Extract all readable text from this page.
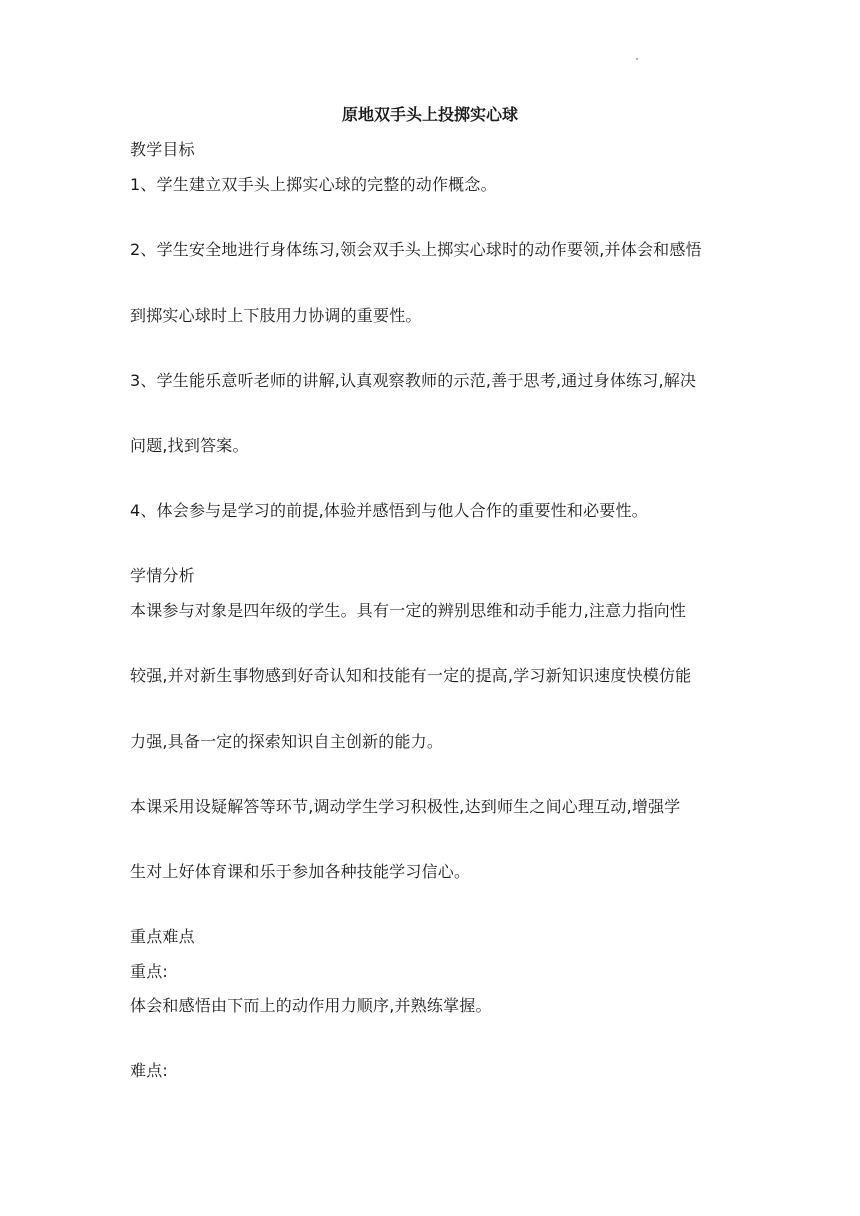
原地双手头上投掷实心球
教学目标
1、学生建立双手头上掷实心球的完整的动作概念。
2、学生安全地进行身体练习,领会双手头上掷实心球时的动作要领,并体会和感悟
到掷实心球时上下肢用力协调的重要性。
3、学生能乐意听老师的讲解,认真观察教师的示范,善于思考,通过身体练习,解决
问题,找到答案。
4、体会参与是学习的前提,体验并感悟到与他人合作的重要性和必要性。
学情分析
本课参与对象是四年级的学生。具有一定的辨别思维和动手能力,注意力指向性
较强,并对新生事物感到好奇认知和技能有一定的提高,学习新知识速度快模仿能
力强,具备一定的探索知识自主创新的能力。
本课采用设疑解答等环节,调动学生学习积极性,达到师生之间心理互动,增强学
生对上好体育课和乐于参加各种技能学习信心。
重点难点
重点:
体会和感悟由下而上的动作用力顺序,并熟练掌握。
难点:
